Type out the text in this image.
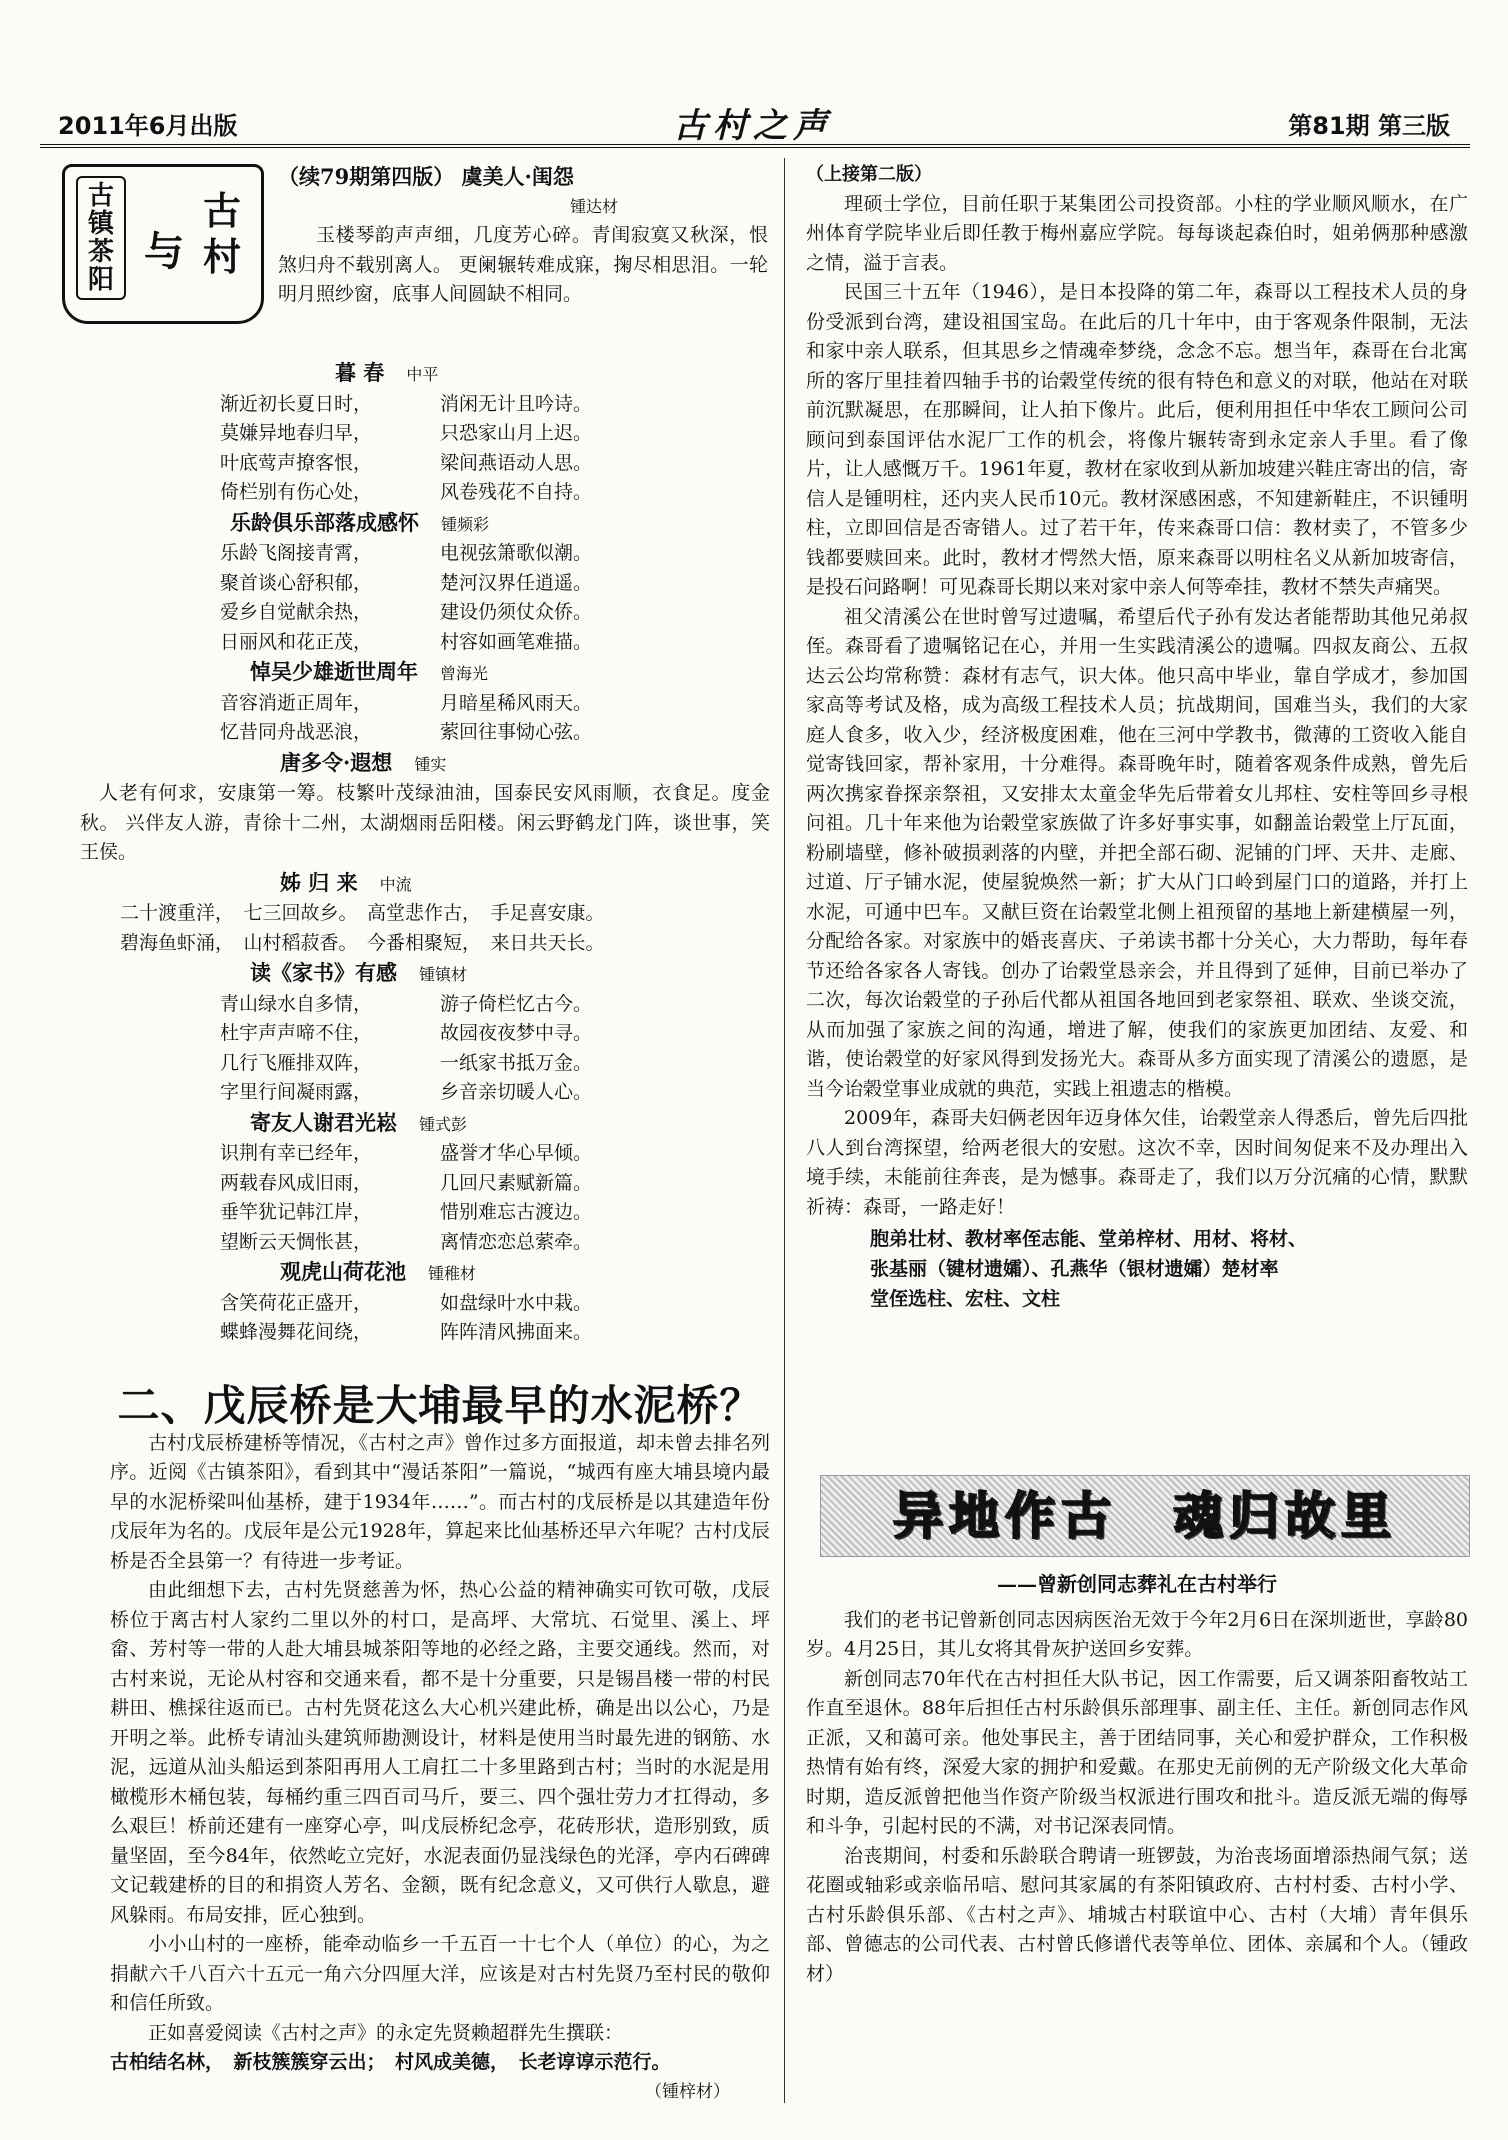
2011年6月出版	古村之声	第81期 第三版
古镇茶阳
与
古村

（续79期第四版） 虞美人·闺怨

锺达材

玉楼琴韵声声细，几度芳心碎。青闺寂寞又秋深，恨煞归舟不载别离人。 更阑辗转难成寐，掬尽相思泪。一轮明月照纱窗，底事人间圆缺不相同。

暮 春 中平

渐近初长夏日时，	消闲无计且吟诗。
莫嫌异地春归早，	只恐家山月上迟。
叶底莺声撩客恨，	梁间燕语动人思。
倚栏别有伤心处，	风卷残花不自持。

乐龄俱乐部落成感怀 锺频彩

乐龄飞阁接青霄，	电视弦箫歌似潮。
聚首谈心舒积郁，	楚河汉界任逍遥。
爱乡自觉献余热，	建设仍须仗众侨。
日丽风和花正茂，	村容如画笔难描。

悼吴少雄逝世周年 曾海光

音容消逝正周年，	月暗星稀风雨天。
忆昔同舟战恶浪，	萦回往事恸心弦。

唐多令·遐想 锺实

人老有何求，安康第一筹。枝繁叶茂绿油油，国泰民安风雨顺，衣食足。度金秋。 兴伴友人游，青徐十二州，太湖烟雨岳阳楼。闲云野鹤龙门阵，谈世事，笑王侯。

姊 归 来 中流

二十渡重洋，　七三回故乡。　高堂悲作古，　手足喜安康。

碧海鱼虾涌，　山村稻菽香。　今番相聚短，　来日共天长。

读《家书》有感 锺镇材

青山绿水自多情，	游子倚栏忆古今。
杜宇声声啼不住，	故园夜夜梦中寻。
几行飞雁排双阵，	一纸家书抵万金。
字里行间凝雨露，	乡音亲切暖人心。

寄友人谢君光崧 锺式彭

识荆有幸已经年，	盛誉才华心早倾。
两载春风成旧雨，	几回尺素赋新篇。
垂竿犹记韩江岸，	惜别难忘古渡边。
望断云天惆怅甚，	离情恋恋总萦牵。

观虎山荷花池 锺稚材

含笑荷花正盛开，	如盘绿叶水中栽。
蝶蜂漫舞花间绕，	阵阵清风拂面来。
二、戊辰桥是大埔最早的水泥桥？

古村戊辰桥建桥等情况，《古村之声》曾作过多方面报道，却未曾去排名列序。近阅《古镇茶阳》，看到其中“漫话茶阳”一篇说，“城西有座大埔县境内最早的水泥桥梁叫仙基桥，建于1934年……”。而古村的戊辰桥是以其建造年份戊辰年为名的。戊辰年是公元1928年，算起来比仙基桥还早六年呢？古村戊辰桥是否全县第一？有待进一步考证。

由此细想下去，古村先贤慈善为怀，热心公益的精神确实可钦可敬，戊辰桥位于离古村人家约二里以外的村口，是高坪、大常坑、石觉里、溪上、坪畲、芳村等一带的人赴大埔县城茶阳等地的必经之路，主要交通线。然而，对古村来说，无论从村容和交通来看，都不是十分重要，只是锡昌楼一带的村民耕田、樵採往返而已。古村先贤花这么大心机兴建此桥，确是出以公心，乃是开明之举。此桥专请汕头建筑师勘测设计，材料是使用当时最先进的钢筋、水泥，远道从汕头船运到茶阳再用人工肩扛二十多里路到古村；当时的水泥是用橄榄形木桶包装，每桶约重三四百司马斤，要三、四个强壮劳力才扛得动，多么艰巨！桥前还建有一座穿心亭，叫戊辰桥纪念亭，花砖形状，造形别致，质量坚固，至今84年，依然屹立完好，水泥表面仍显浅绿色的光泽，亭内石碑碑文记载建桥的目的和捐资人芳名、金额，既有纪念意义，又可供行人歇息，避风躲雨。布局安排，匠心独到。

小小山村的一座桥，能牵动临乡一千五百一十七个人（单位）的心，为之捐献六千八百六十五元一角六分四厘大洋，应该是对古村先贤乃至村民的敬仰和信任所致。

正如喜爱阅读《古村之声》的永定先贤赖超群先生撰联：

古柏结名林，　新枝簇簇穿云出；　村风成美德，　长老谆谆示范行。

（锺梓材）

（上接第二版）

理硕士学位，目前任职于某集团公司投资部。小柱的学业顺风顺水，在广州体育学院毕业后即任教于梅州嘉应学院。每每谈起森伯时，姐弟俩那种感激之情，溢于言表。

民国三十五年（1946），是日本投降的第二年，森哥以工程技术人员的身份受派到台湾，建设祖国宝岛。在此后的几十年中，由于客观条件限制，无法和家中亲人联系，但其思乡之情魂牵梦绕，念念不忘。想当年，森哥在台北寓所的客厅里挂着四轴手书的诒榖堂传统的很有特色和意义的对联，他站在对联前沉默凝思，在那瞬间，让人拍下像片。此后，便利用担任中华农工顾问公司顾问到泰国评估水泥厂工作的机会，将像片辗转寄到永定亲人手里。看了像片，让人感慨万千。1961年夏，教材在家收到从新加坡建兴鞋庄寄出的信，寄信人是锺明柱，还内夹人民币10元。教材深感困惑，不知建新鞋庄，不识锺明柱，立即回信是否寄错人。过了若干年，传来森哥口信：教材卖了，不管多少钱都要赎回来。此时，教材才愕然大悟，原来森哥以明柱名义从新加坡寄信，是投石问路啊！可见森哥长期以来对家中亲人何等牵挂，教材不禁失声痛哭。

祖父清溪公在世时曾写过遗嘱，希望后代子孙有发达者能帮助其他兄弟叔侄。森哥看了遗嘱铭记在心，并用一生实践清溪公的遗嘱。四叔友商公、五叔达云公均常称赞：森材有志气，识大体。他只高中毕业，靠自学成才，参加国家高等考试及格，成为高级工程技术人员；抗战期间，国难当头，我们的大家庭人食多，收入少，经济极度困难，他在三河中学教书，微薄的工资收入能自觉寄钱回家，帮补家用，十分难得。森哥晚年时，随着客观条件成熟，曾先后两次携家眷探亲祭祖，又安排太太童金华先后带着女儿邦柱、安柱等回乡寻根问祖。几十年来他为诒榖堂家族做了许多好事实事，如翻盖诒榖堂上厅瓦面，粉刷墙壁，修补破损剥落的内壁，并把全部石砌、泥铺的门坪、天井、走廊、过道、厅子铺水泥，使屋貌焕然一新；扩大从门口岭到屋门口的道路，并打上水泥，可通中巴车。又献巨资在诒榖堂北侧上祖预留的基地上新建横屋一列，分配给各家。对家族中的婚丧喜庆、子弟读书都十分关心，大力帮助，每年春节还给各家各人寄钱。创办了诒榖堂恳亲会，并且得到了延伸，目前已举办了二次，每次诒榖堂的子孙后代都从祖国各地回到老家祭祖、联欢、坐谈交流，从而加强了家族之间的沟通，增进了解，使我们的家族更加团结、友爱、和谐，使诒榖堂的好家风得到发扬光大。森哥从多方面实现了清溪公的遗愿，是当今诒榖堂事业成就的典范，实践上祖遗志的楷模。

2009年，森哥夫妇俩老因年迈身体欠佳，诒榖堂亲人得悉后，曾先后四批八人到台湾探望，给两老很大的安慰。这次不幸，因时间匆促来不及办理出入境手续，未能前往奔丧，是为憾事。森哥走了，我们以万分沉痛的心情，默默祈祷：森哥，一路走好！

胞弟壮材、教材率侄志能、堂弟梓材、用材、将材、

张基丽（键材遗孀）、孔燕华（银材遗孀）楚材率

堂侄选柱、宏柱、文柱

异地作古　魂归故里

——曾新创同志葬礼在古村举行

我们的老书记曾新创同志因病医治无效于今年2月6日在深圳逝世，享龄80岁。4月25日，其儿女将其骨灰护送回乡安葬。

新创同志70年代在古村担任大队书记，因工作需要，后又调茶阳畜牧站工作直至退休。88年后担任古村乐龄俱乐部理事、副主任、主任。新创同志作风正派，又和蔼可亲。他处事民主，善于团结同事，关心和爱护群众，工作积极热情有始有终，深爱大家的拥护和爱戴。在那史无前例的无产阶级文化大革命时期，造反派曾把他当作资产阶级当权派进行围攻和批斗。造反派无端的侮辱和斗争，引起村民的不满，对书记深表同情。

治丧期间，村委和乐龄联合聘请一班锣鼓，为治丧场面增添热闹气氛；送花圈或轴彩或亲临吊唁、慰问其家属的有茶阳镇政府、古村村委、古村小学、古村乐龄俱乐部、《古村之声》、埔城古村联谊中心、古村（大埔）青年俱乐部、曾德志的公司代表、古村曾氏修谱代表等单位、团体、亲属和个人。（锺政材）
